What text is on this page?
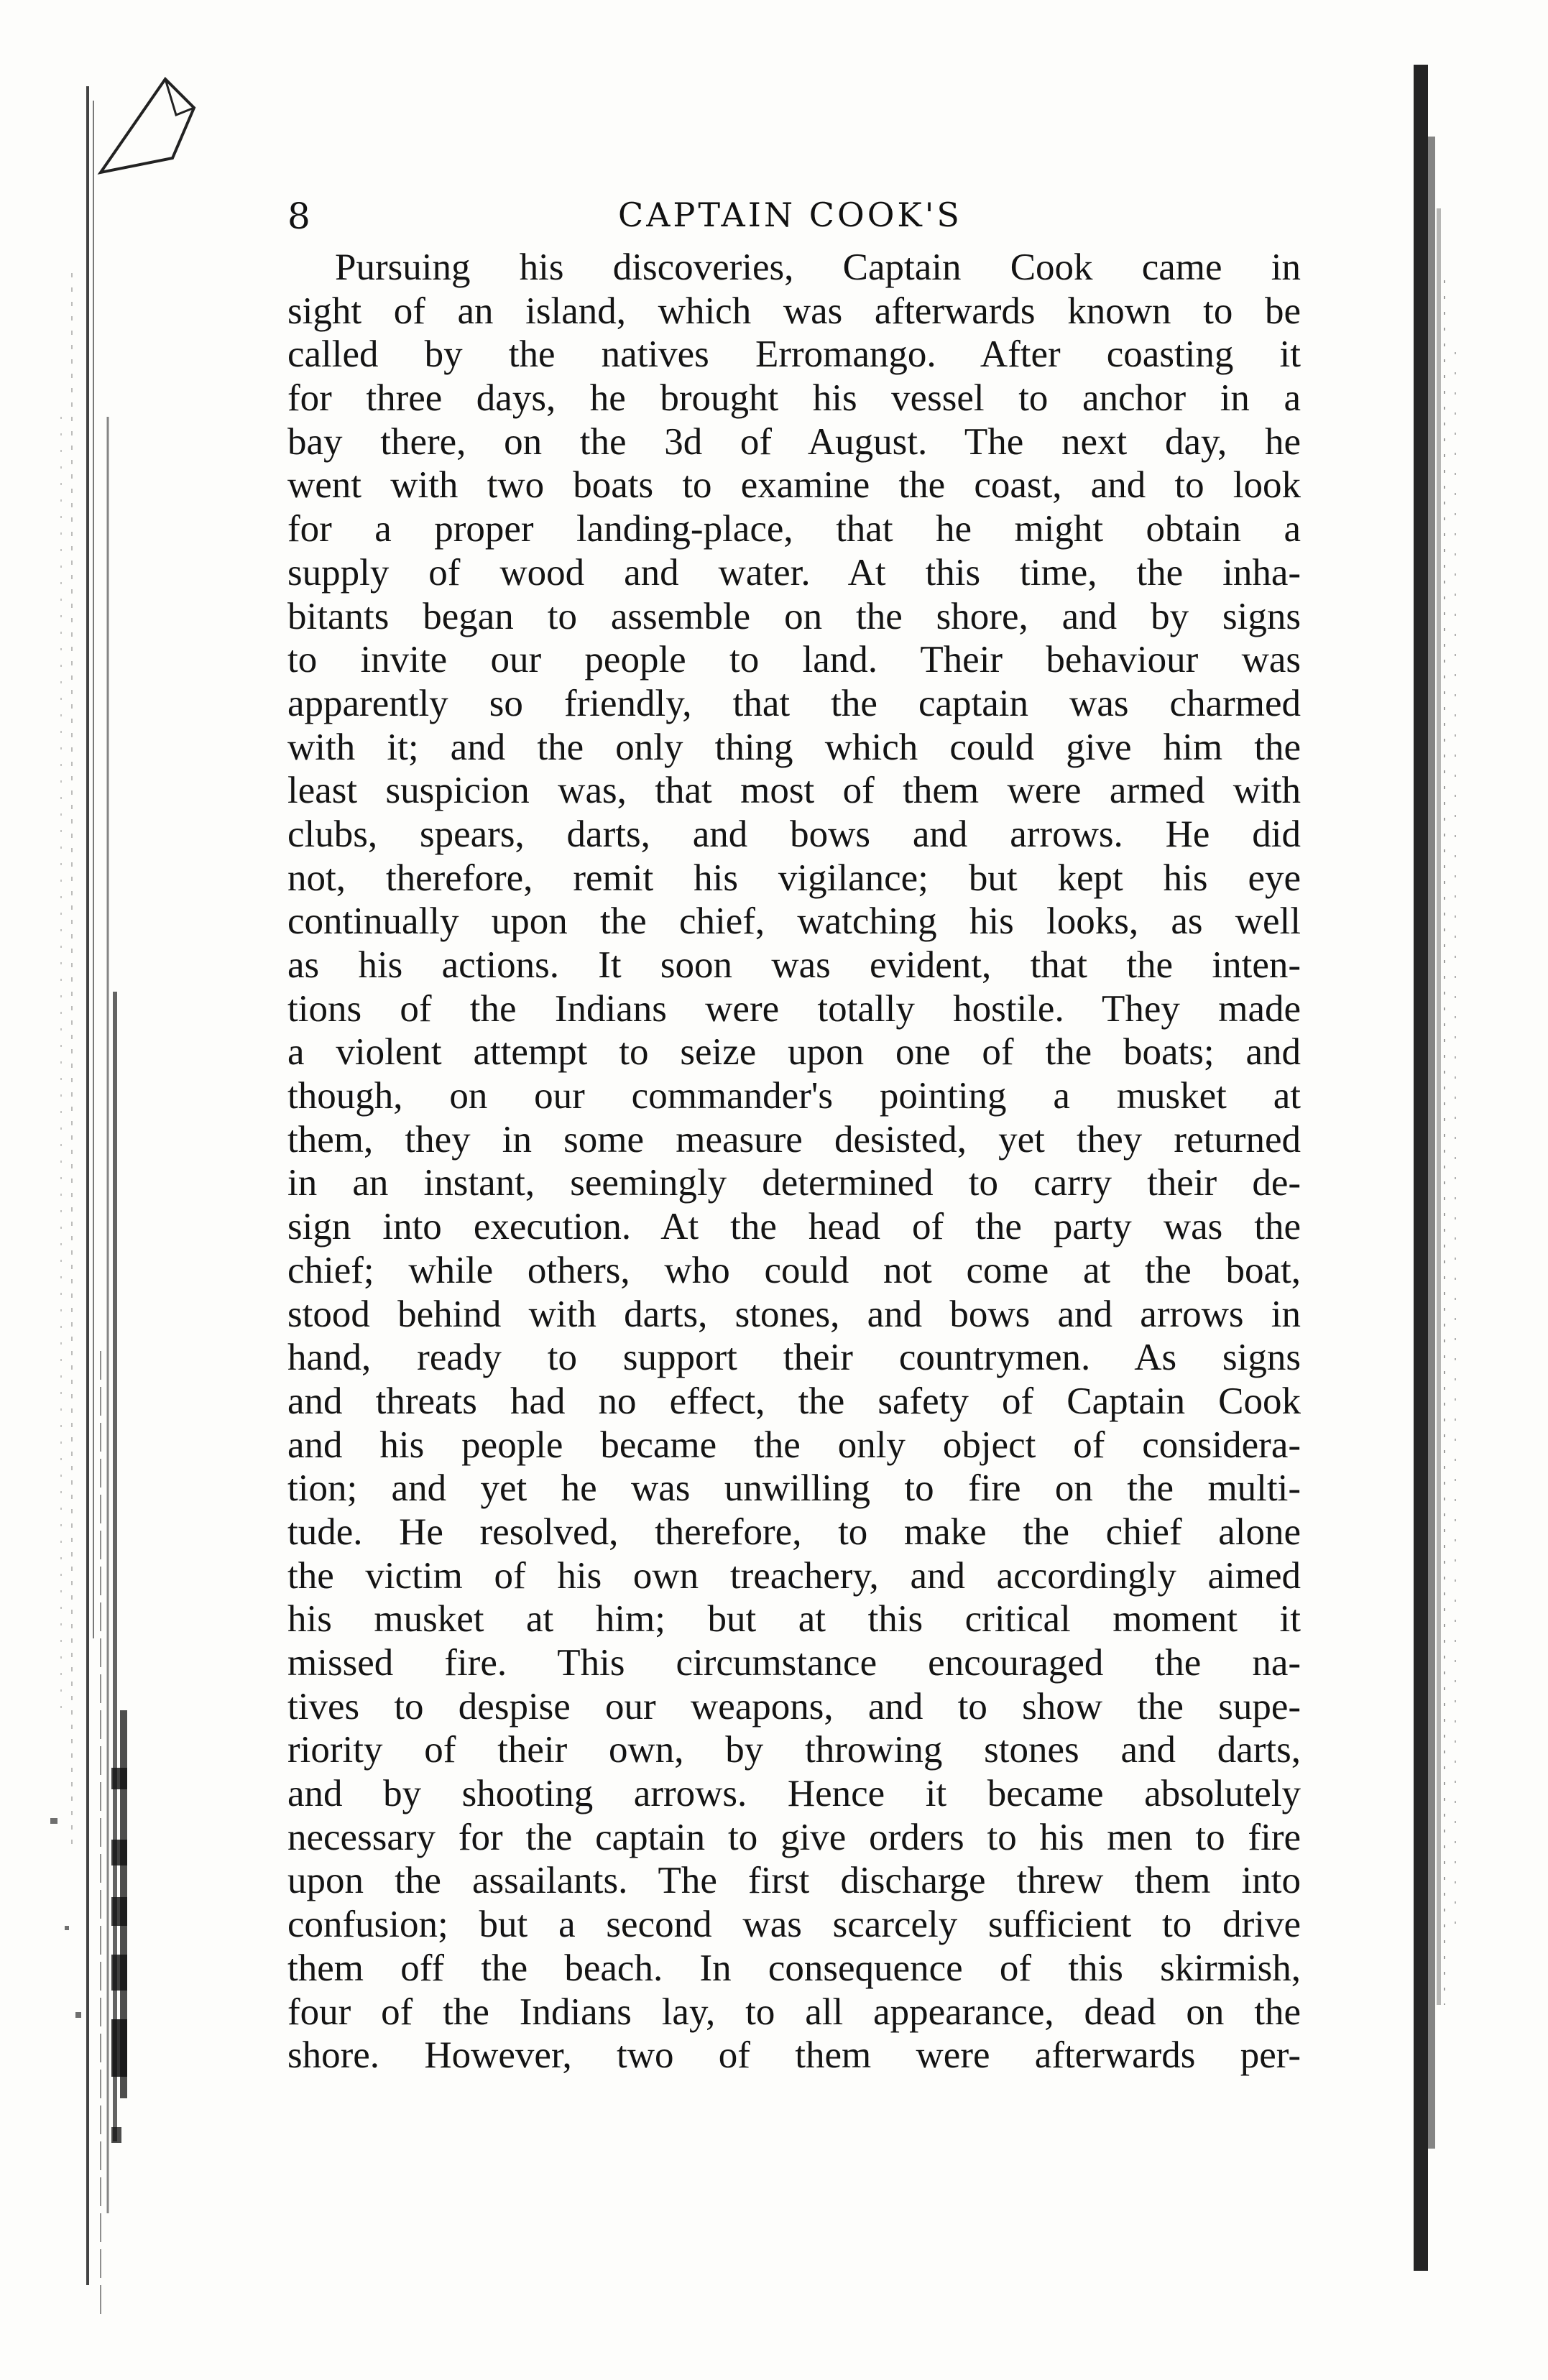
8	CAPTAIN COOK'S
Pursuing his discoveries, Captain Cook came in
sight of an island, which was afterwards known to be
called by the natives Erromango. After coasting it
for three days, he brought his vessel to anchor in a
bay there, on the 3d of August. The next day, he
went with two boats to examine the coast, and to look
for a proper landing-place, that he might obtain a
supply of wood and water. At this time, the inha-
bitants began to assemble on the shore, and by signs
to invite our people to land. Their behaviour was
apparently so friendly, that the captain was charmed
with it; and the only thing which could give him the
least suspicion was, that most of them were armed with
clubs, spears, darts, and bows and arrows. He did
not, therefore, remit his vigilance; but kept his eye
continually upon the chief, watching his looks, as well
as his actions. It soon was evident, that the inten-
tions of the Indians were totally hostile. They made
a violent attempt to seize upon one of the boats; and
though, on our commander's pointing a musket at
them, they in some measure desisted, yet they returned
in an instant, seemingly determined to carry their de-
sign into execution. At the head of the party was the
chief; while others, who could not come at the boat,
stood behind with darts, stones, and bows and arrows in
hand, ready to support their countrymen. As signs
and threats had no effect, the safety of Captain Cook
and his people became the only object of considera-
tion; and yet he was unwilling to fire on the multi-
tude. He resolved, therefore, to make the chief alone
the victim of his own treachery, and accordingly aimed
his musket at him; but at this critical moment it
missed fire. This circumstance encouraged the na-
tives to despise our weapons, and to show the supe-
riority of their own, by throwing stones and darts,
and by shooting arrows. Hence it became absolutely
necessary for the captain to give orders to his men to fire
upon the assailants. The first discharge threw them into
confusion; but a second was scarcely sufficient to drive
them off the beach. In consequence of this skirmish,
four of the Indians lay, to all appearance, dead on the
shore. However, two of them were afterwards per-
